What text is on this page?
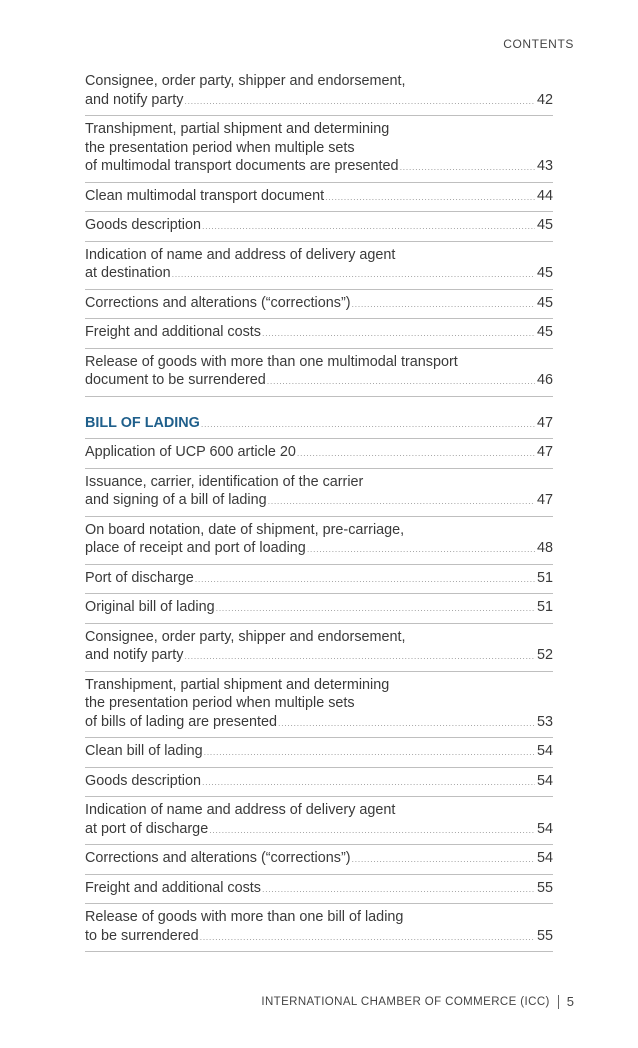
CONTENTS
Consignee, order party, shipper and endorsement,
and notify party .....	42
Transhipment, partial shipment and determining
the presentation period when multiple sets
of multimodal transport documents are presented .....	43
Clean multimodal transport document .....	44
Goods description .....	45
Indication of name and address of delivery agent
at destination .....	45
Corrections and alterations (“corrections”) .....	45
Freight and additional costs .....	45
Release of goods with more than one multimodal transport
document to be surrendered .....	46
BILL OF LADING .....	47
Application of UCP 600 article 20 .....	47
Issuance, carrier, identification of the carrier
and signing of a bill of lading .....	47
On board notation, date of shipment, pre-carriage,
place of receipt and port of loading .....	48
Port of discharge .....	51
Original bill of lading .....	51
Consignee, order party, shipper and endorsement,
and notify party .....	52
Transhipment, partial shipment and determining
the presentation period when multiple sets
of bills of lading are presented .....	53
Clean bill of lading .....	54
Goods description .....	54
Indication of name and address of delivery agent
at port of discharge .....	54
Corrections and alterations (“corrections”) .....	54
Freight and additional costs .....	55
Release of goods with more than one bill of lading
to be surrendered .....	55
INTERNATIONAL CHAMBER OF COMMERCE (ICC) 5
